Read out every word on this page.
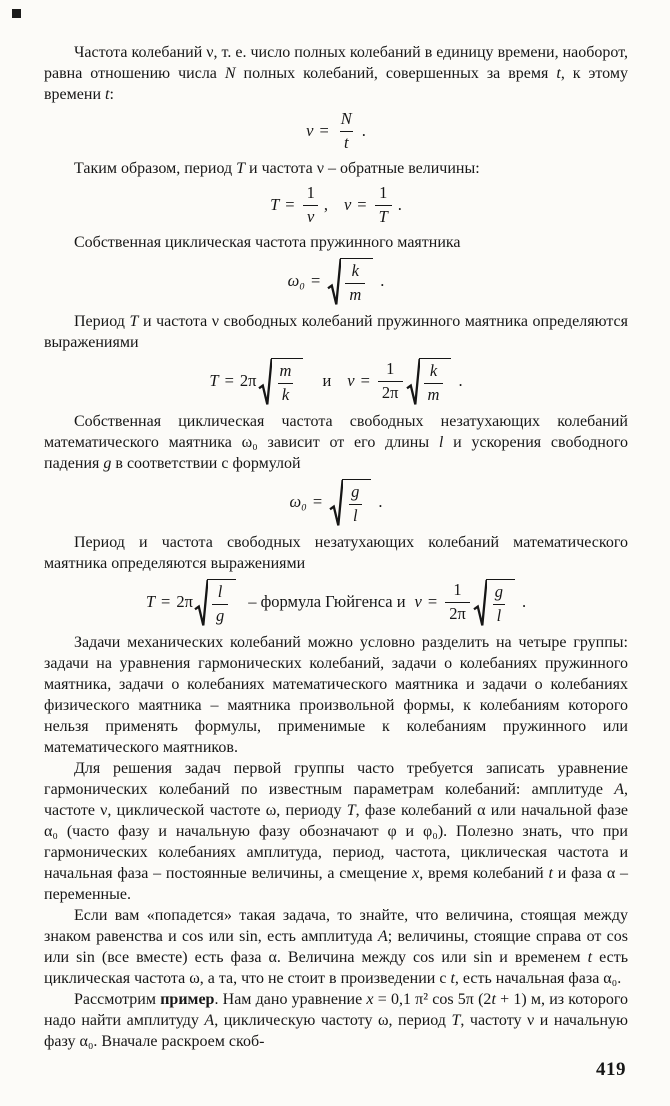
Частота колебаний ν, т. е. число полных колебаний в единицу времени, наоборот, равна отношению числа N полных колебаний, совершенных за время t, к этому времени t:

$\nu = \frac{N}{t}$ .

Таким образом, период T и частота ν – обратные величины:

$T = \frac{1}{\nu}$ , $\nu = \frac{1}{T}$ .

Собственная циклическая частота пружинного маятника

ω₀ =	$\frac{k}{m}$ .

Период T и частота ν свободных колебаний пружинного маятника определяются выражениями

$T = 2\pi \frac{m}{k}$	и $\nu = \frac{1}{2\pi} \frac{k}{m}$ .

Собственная циклическая частота свободных незатухающих колебаний математического маятника ω₀ зависит от его длины l и ускорения свободного падения g в соответствии с формулой

ω₀ =	$\frac{g}{l}$ .

Период и частота свободных незатухающих колебаний математического маятника определяются выражениями

$T = 2\pi \frac{l}{g}$	– формула Гюйгенса и $\nu = \frac{1}{2\pi} \frac{g}{l}$ .

Задачи механических колебаний можно условно разделить на четыре группы: задачи на уравнения гармонических колебаний, задачи о колебаниях пружинного маятника, задачи о колебаниях математического маятника и задачи о колебаниях физического маятника – маятника произвольной формы, к колебаниям которого нельзя применять формулы, применимые к колебаниям пружинного или математического маятников.

Для решения задач первой группы часто требуется записать уравнение гармонических колебаний по известным параметрам колебаний: амплитуде A, частоте ν, циклической частоте ω, периоду T, фазе колебаний α или начальной фазе α₀ (часто фазу и начальную фазу обозначают φ и φ₀). Полезно знать, что при гармонических колебаниях амплитуда, период, частота, циклическая частота и начальная фаза – постоянные величины, а смещение x, время колебаний t и фаза α – переменные.

Если вам «попадется» такая задача, то знайте, что величина, стоящая между знаком равенства и cos или sin, есть амплитуда A; величины, стоящие справа от cos или sin (все вместе) есть фаза α. Величина между cos или sin и временем t есть циклическая частота ω, а та, что не стоит в произведении с t, есть начальная фаза α₀.

Рассмотрим пример. Нам дано уравнение x = 0,1 π² cos 5π (2t + 1) м, из которого надо найти амплитуду A, циклическую частоту ω, период T, частоту ν и начальную фазу α₀. Вначале раскроем скоб-

419
